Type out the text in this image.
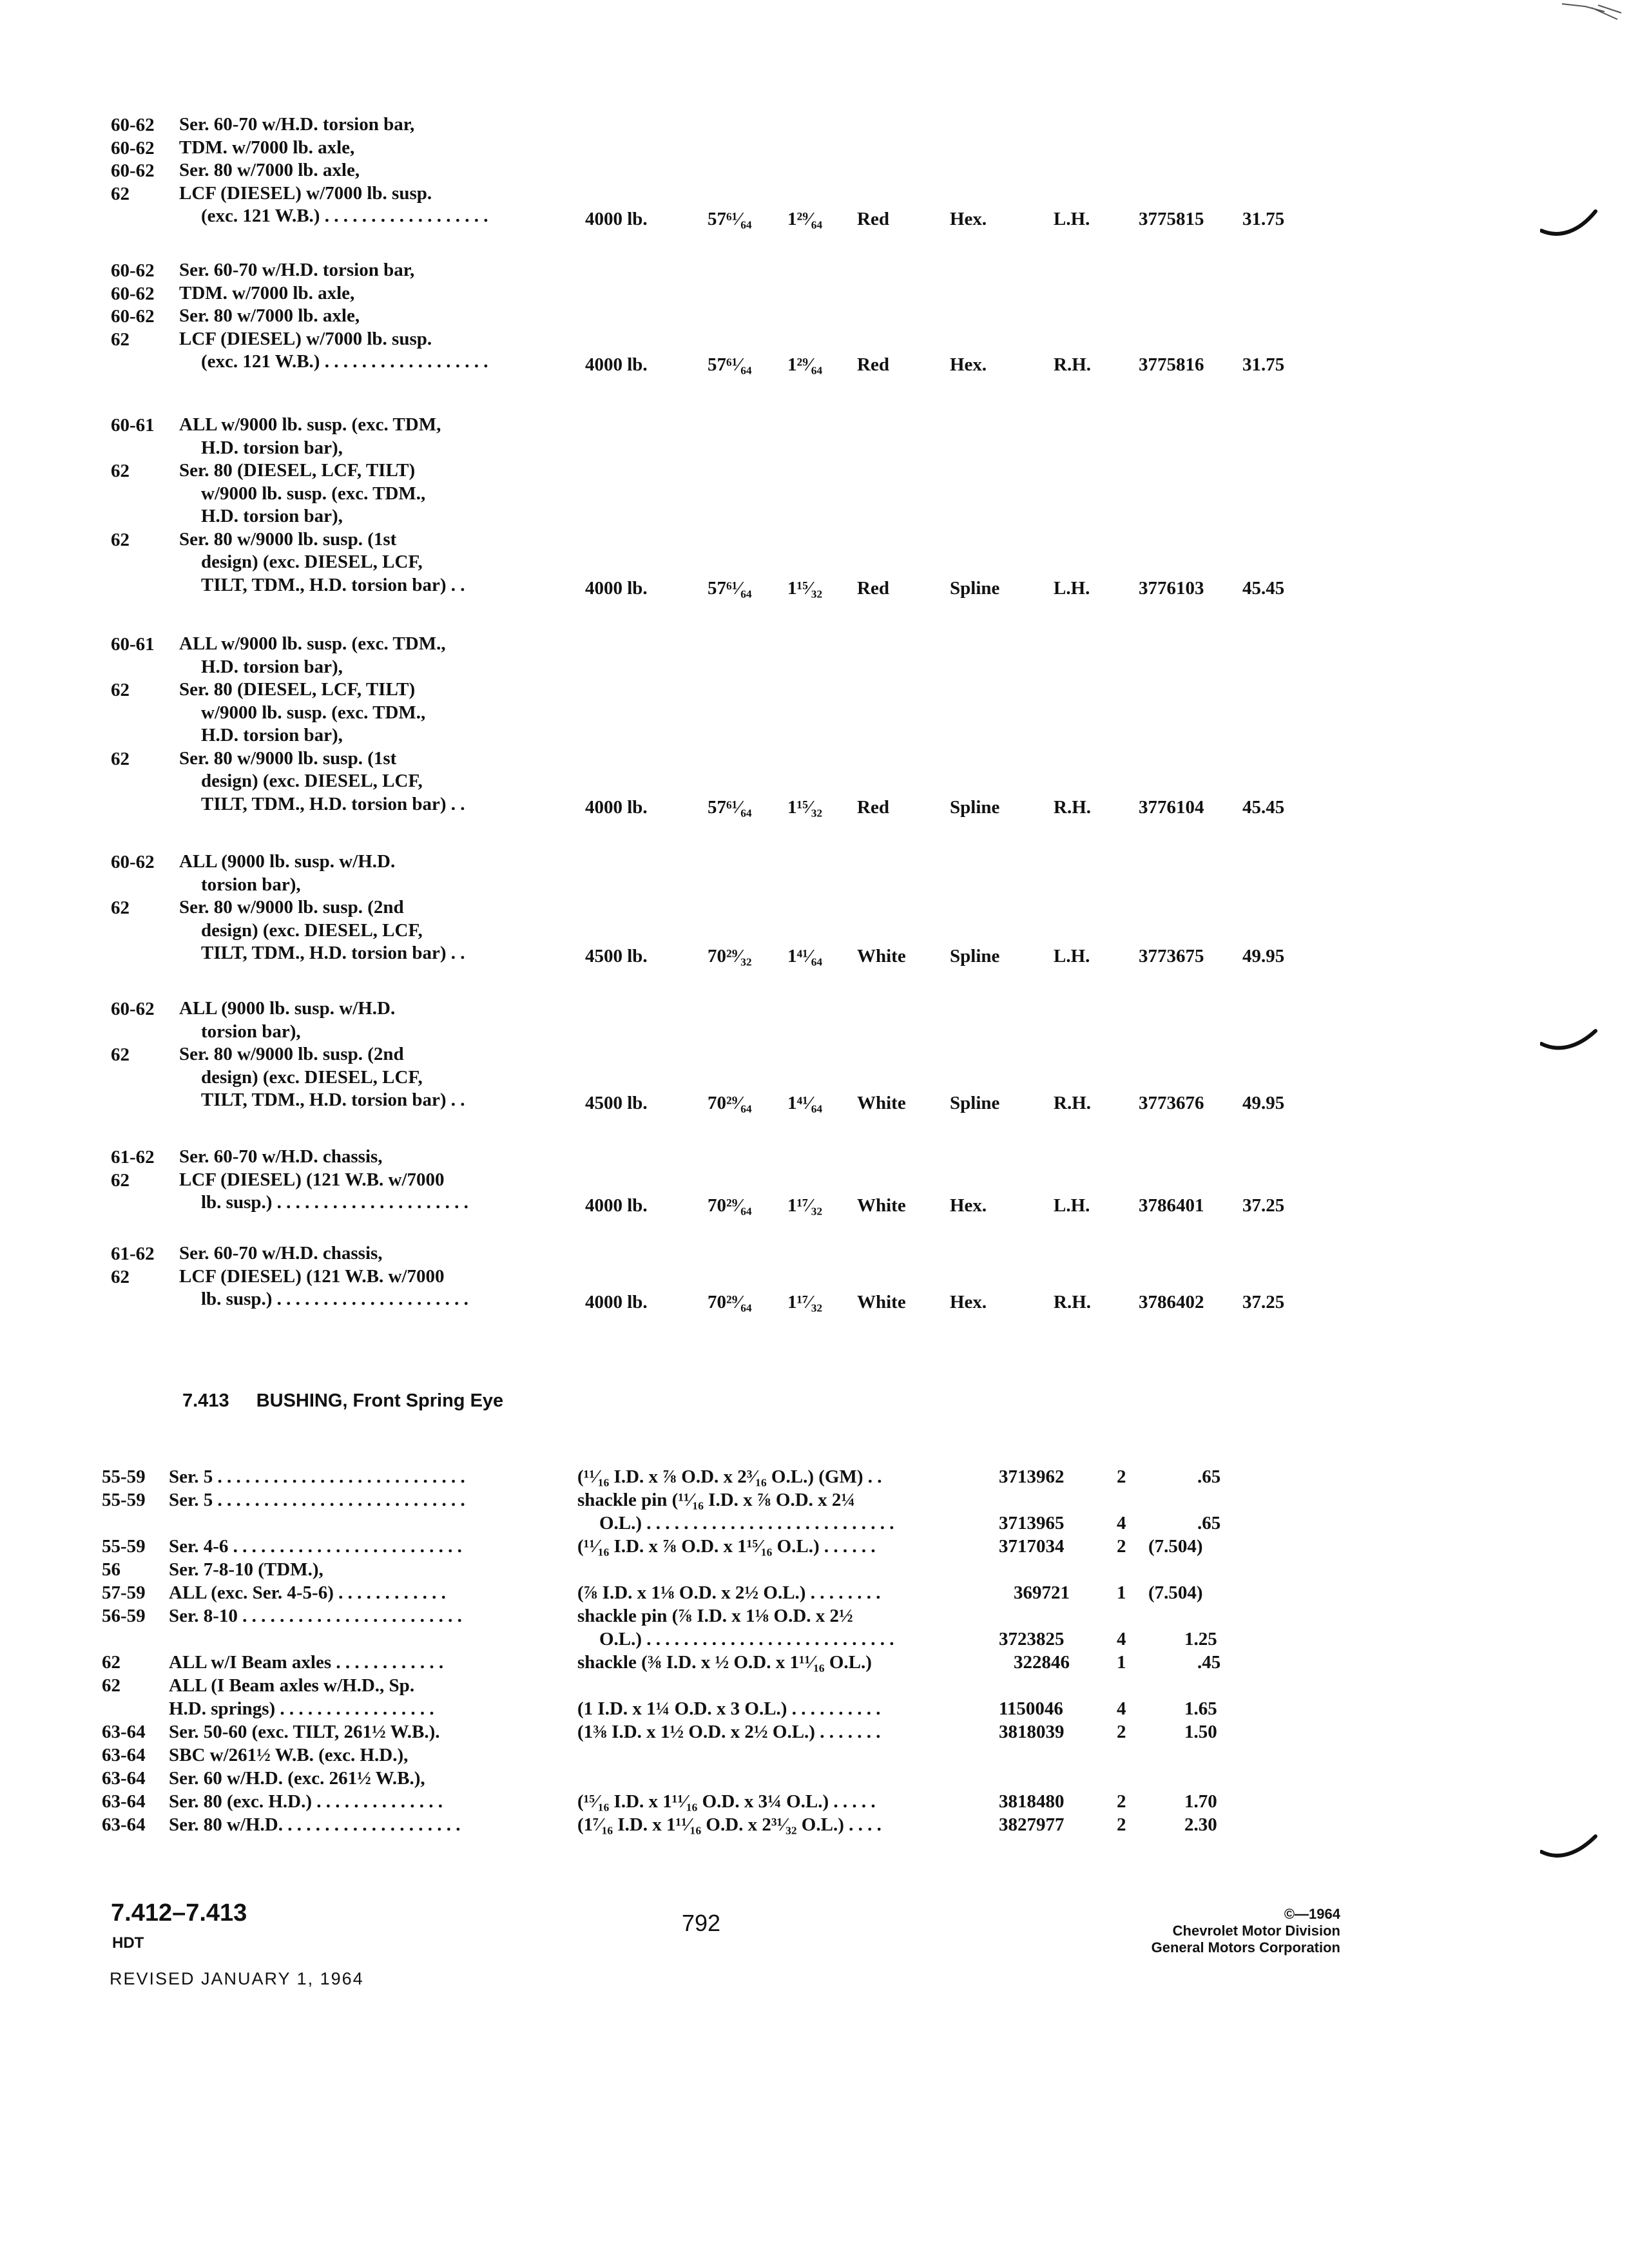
60-62 Ser. 60-70 w/H.D. torsion bar,
60-62 TDM. w/7000 lb. axle,
60-62 Ser. 80 w/7000 lb. axle,
62	LCF (DIESEL) w/7000 lb. susp.
(exc. 121 W.B.) . . . . . . . . . . . . . . . . . .	4000 lb.	57⁶¹⁄₆₄ 1²⁹⁄₆₄ Red	Hex.	L.H.	3775815 31.75
60-62 Ser. 60-70 w/H.D. torsion bar,
60-62 TDM. w/7000 lb. axle,
60-62 Ser. 80 w/7000 lb. axle,
62	LCF (DIESEL) w/7000 lb. susp.
(exc. 121 W.B.) . . . . . . . . . . . . . . . . . .	4000 lb.	57⁶¹⁄₆₄ 1²⁹⁄₆₄ Red	Hex.	R.H.	3775816 31.75
60-61 ALL w/9000 lb. susp. (exc. TDM,
H.D. torsion bar),
62	Ser. 80 (DIESEL, LCF, TILT)
w/9000 lb. susp. (exc. TDM.,
H.D. torsion bar),
62	Ser. 80 w/9000 lb. susp. (1st
design) (exc. DIESEL, LCF,
TILT, TDM., H.D. torsion bar) . .	4000 lb.	57⁶¹⁄₆₄ 1¹⁵⁄₃₂ Red	Spline	L.H.	3776103 45.45
60-61 ALL w/9000 lb. susp. (exc. TDM.,
H.D. torsion bar),
62	Ser. 80 (DIESEL, LCF, TILT)
w/9000 lb. susp. (exc. TDM.,
H.D. torsion bar),
62	Ser. 80 w/9000 lb. susp. (1st
design) (exc. DIESEL, LCF,
TILT, TDM., H.D. torsion bar) . .	4000 lb.	57⁶¹⁄₆₄ 1¹⁵⁄₃₂ Red	Spline	R.H.	3776104 45.45
60-62 ALL (9000 lb. susp. w/H.D.
torsion bar),
62	Ser. 80 w/9000 lb. susp. (2nd
design) (exc. DIESEL, LCF,
TILT, TDM., H.D. torsion bar) . .	4500 lb.	70²⁹⁄₃₂ 1⁴¹⁄₆₄ White Spline	L.H.	3773675 49.95
60-62 ALL (9000 lb. susp. w/H.D.
torsion bar),
62	Ser. 80 w/9000 lb. susp. (2nd
design) (exc. DIESEL, LCF,
TILT, TDM., H.D. torsion bar) . .	4500 lb.	70²⁹⁄₆₄ 1⁴¹⁄₆₄ White Spline	R.H.	3773676 49.95
61-62 Ser. 60-70 w/H.D. chassis,
62	LCF (DIESEL) (121 W.B. w/7000
lb. susp.) . . . . . . . . . . . . . . . . . . . . .	4000 lb.	70²⁹⁄₆₄ 1¹⁷⁄₃₂ White Hex.	L.H.	3786401 37.25
61-62 Ser. 60-70 w/H.D. chassis,
62	LCF (DIESEL) (121 W.B. w/7000
lb. susp.) . . . . . . . . . . . . . . . . . . . . .	4000 lb.	70²⁹⁄₆₄ 1¹⁷⁄₃₂ White Hex.	R.H.	3786402 37.25
7.413 BUSHING, Front Spring Eye
55-59 Ser. 5 . . . . . . . . . . . . . . . . . . . . . . . . . . .	(¹¹⁄₁₆ I.D. x ⅞ O.D. x 2³⁄₁₆ O.L.) (GM) . .	3713962	2	.65
55-59 Ser. 5 . . . . . . . . . . . . . . . . . . . . . . . . . . .	shackle pin (¹¹⁄₁₆ I.D. x ⅞ O.D. x 2¼
O.L.) . . . . . . . . . . . . . . . . . . . . . . . . . . .	3713965	4	.65
55-59 Ser. 4-6 . . . . . . . . . . . . . . . . . . . . . . . . .	(¹¹⁄₁₆ I.D. x ⅞ O.D. x 1¹⁵⁄₁₆ O.L.) . . . . . .	3717034	2 (7.504)
56	Ser. 7-8-10 (TDM.),
57-59 ALL (exc. Ser. 4-5-6) . . . . . . . . . . . .	(⅞ I.D. x 1⅛ O.D. x 2½ O.L.) . . . . . . . .	369721	1 (7.504)
56-59 Ser. 8-10 . . . . . . . . . . . . . . . . . . . . . . . .	shackle pin (⅞ I.D. x 1⅛ O.D. x 2½
O.L.) . . . . . . . . . . . . . . . . . . . . . . . . . . .	3723825	4	1.25
62	ALL w/I Beam axles . . . . . . . . . . . .	shackle (⅜ I.D. x ½ O.D. x 1¹¹⁄₁₆ O.L.)	322846	1	.45
62	ALL (I Beam axles w/H.D., Sp.
H.D. springs) . . . . . . . . . . . . . . . . .	(1 I.D. x 1¼ O.D. x 3 O.L.) . . . . . . . . . .	1150046	4	1.65
63-64 Ser. 50-60 (exc. TILT, 261½ W.B.).	(1⅜ I.D. x 1½ O.D. x 2½ O.L.) . . . . . . .	3818039	2	1.50
63-64 SBC w/261½ W.B. (exc. H.D.),
63-64 Ser. 60 w/H.D. (exc. 261½ W.B.),
63-64 Ser. 80 (exc. H.D.) . . . . . . . . . . . . . .	(¹⁵⁄₁₆ I.D. x 1¹¹⁄₁₆ O.D. x 3¼ O.L.) . . . . .	3818480	2	1.70
63-64 Ser. 80 w/H.D. . . . . . . . . . . . . . . . . . . .	(1⁷⁄₁₆ I.D. x 1¹¹⁄₁₆ O.D. x 2³¹⁄₃₂ O.L.) . . . .	3827977	2	2.30
7.412–7.413
HDT
792
REVISED JANUARY 1, 1964
©—1964
Chevrolet Motor Division
General Motors Corporation
